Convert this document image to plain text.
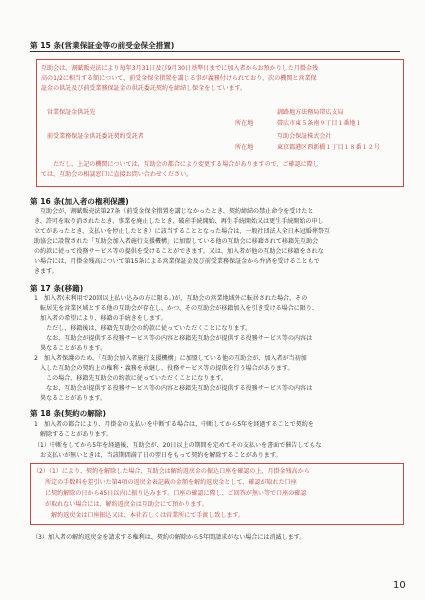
第 15 条(営業保証金等の前受金保全措置)
互助会は、割賦販売法により毎年3月31日及び9月30日基準日までに加入者からお預かりした月掛金残
高の1/2に相当する額について、前受金保全措置を講じる事が義務付けられており、次の機関と営業保
証金の供託及び前受業務保証金の供託委託契約を締結し保全をしています。
営業保証金供託先	釧路地方法務局帯広支局
所在地	帯広市東５条南９丁目１番地１
前受業務保証金供託委託契約受託者	互助会保証株式会社
所在地	東京都港区西新橋１丁目１８番１２号
ただし、上記の機関については、互助会の都合により変更する場合がありますので、ご確認に際し
ては、互助会の相談窓口に直接お問い合わせください。
第 16 条(加入者の権利保護)
互助会が、割賦販売法第27条（前受金保全措置を講じなかったとき、契約締結の禁止命令を受けたと
き、許可を取り消されたとき、事業を廃止したとき、破産手続開始、再生手続開始又は更生手続開始の申し
立てがあったとき、支払いを停止したとき）に該当することとなった場合は、一般社団法人全日本冠婚葬祭互
助協会に設置された「互助会加入者施行支援機構」に加盟している他の互助会に移籍されて移籍先互助会
の約款に従って役務サービス等の提供を受けることができます。又は、加入者が他の互助会に移籍をされな
い場合には、月掛金残高について第15条による営業保証金及び前受業務保証金から弁済を受けることもで
きます。
第 17 条(移籍)
1　加入者(未利用で20回以上払い込みの方に限る。)が、互助会の営業地域外に転居された場合、その
　転居先を営業区域とする他の互助会が存在し、かつ、その互助会が移籍加入を引き受ける場合に限り、
　加入者の希望により、移籍の手続きをします。
　　ただし、移籍後は、移籍先互助会の約款に従っていただくことになります。
　　なお、互助会が提供する役務サービス等の内容と移籍先互助会が提供する役務サービス等の内容は
　異なることがあります。
2　加入者保護のため、「互助会加入者施行支援機構」に加盟している他の互助会が、加入者が当初加
　入した互助会の契約上の権利・義務を承継し、役務サービス等の提供を行う場合があります。
　　この場合、移籍先互助会の約款に従っていただくことになります。
　　なお、互助会が提供する役務サービス等の内容と移籍先互助会が提供する役務サービス等の内容は
　異なることがあります。
第 18 条(契約の解除)
1　加入者の都合により、月掛金の支払いを中断する場合は、中断してから5年を経過することで契約を
　解除することがあります。
（1）中断をしてから5年を経過後、互助会が、20日以上の期間を定めてその支払いを書面で催告してもな
　お支払いが無いときは、当該期間満了日の翌日をもって契約を解除することがあります。
（2）（1）により、契約を解除した場合、互助会は解約返戻金の振込口座を確認の上、月掛金残高から
　　所定の手数料を差引いた第4項の返戻金表記載の金額を解約返戻金として、確認が取れた口座
　　に契約解除の日から45日以内に振り込みます。口座の確認に際し、ご回答が無い等で口座の確認
　　が取れない場合には、解約返戻金は互助会にて預かります。
　　　解約返戻金は口座振込又は、本社若しくは営業所にて手渡し致します。
（3）加入者の解約返戻金を請求する権利は、契約の解除から5年間請求がない場合には消滅します。
10
